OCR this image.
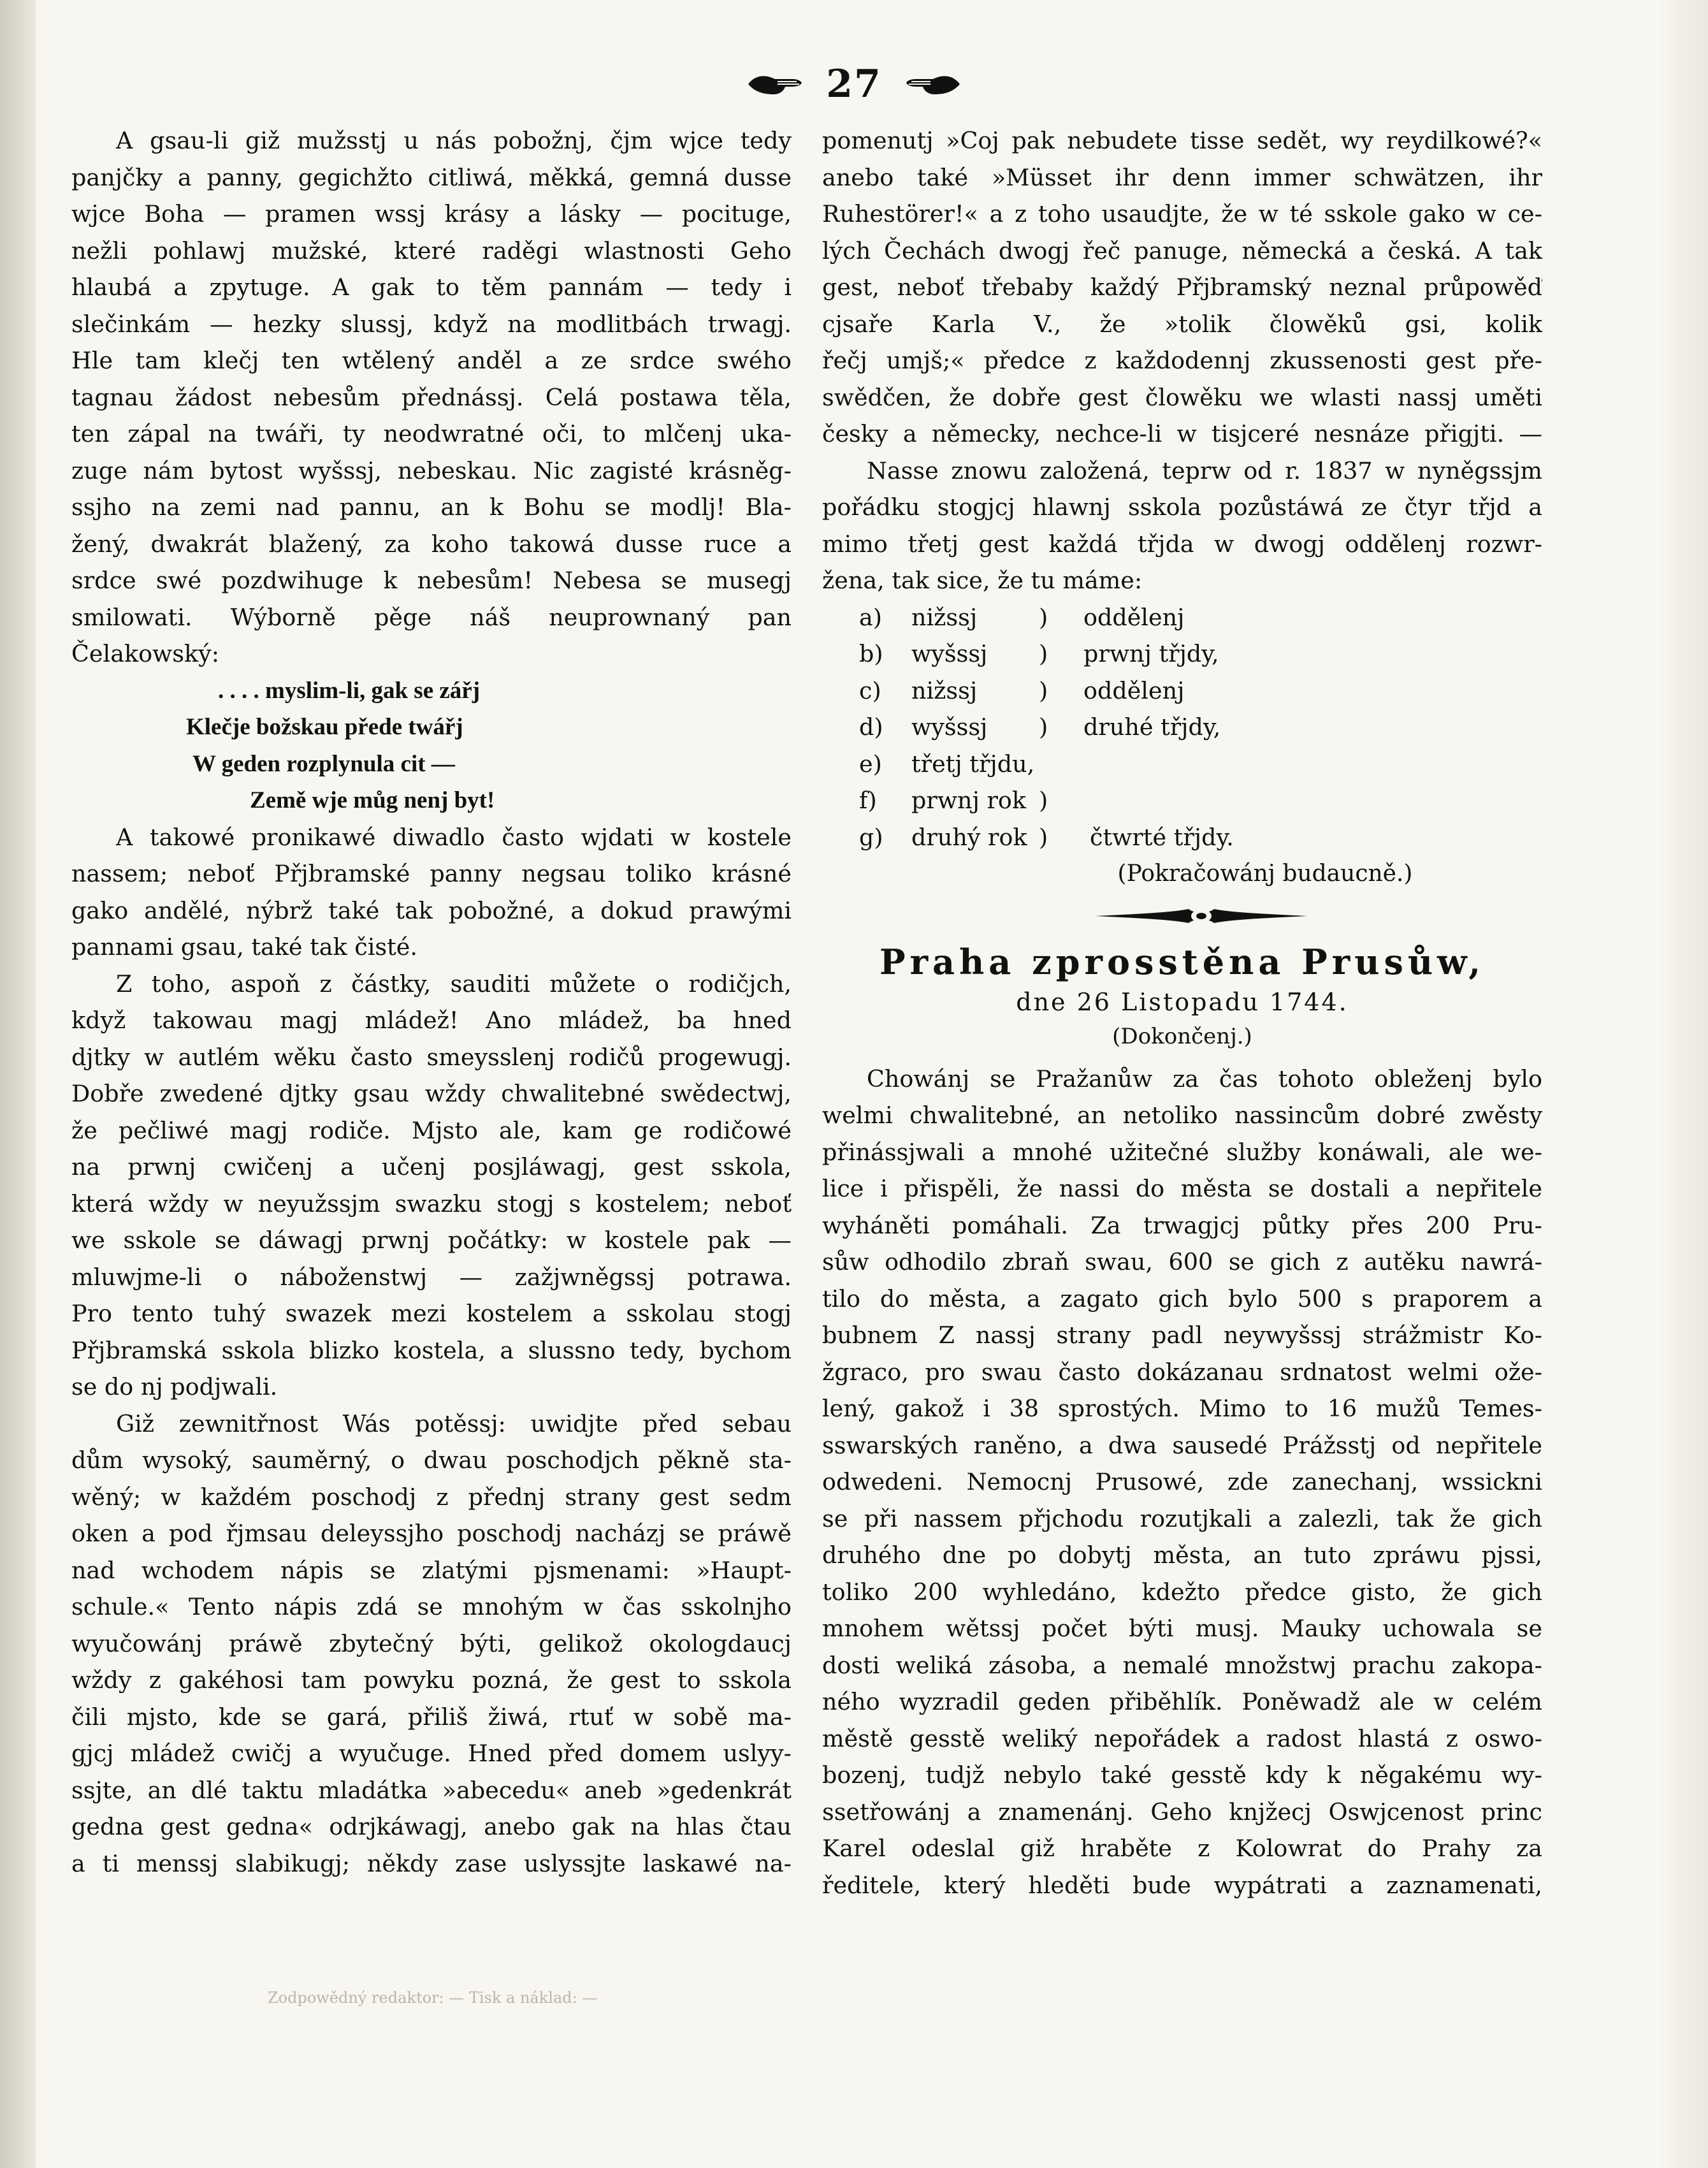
27
A gsau-li giž mužsstj u nás pobožnj, čjm wjce tedy
panjčky a panny, gegichžto citliwá, měkká, gemná dusse
wjce Boha — pramen wssj krásy a lásky — pocituge,
nežli pohlawj mužské, které raděgi wlastnosti Geho
hlaubá a zpytuge. A gak to těm pannám — tedy i
slečinkám — hezky slussj, když na modlitbách trwagj.
Hle tam klečj ten wtělený anděl a ze srdce swého
tagnau žádost nebesům přednássj. Celá postawa těla,
ten zápal na twáři, ty neodwratné oči, to mlčenj uka-
zuge nám bytost wyšssj, nebeskau. Nic zagisté krásněg-
ssjho na zemi nad pannu, an k Bohu se modlj! Bla-
žený, dwakrát blažený, za koho takowá dusse ruce a
srdce swé pozdwihuge k nebesům! Nebesa se musegj
smilowati. Wýborně pěge náš neuprownaný pan
Čelakowský:
. . . . myslim-li, gak se zářj
Klečje božskau přede twářj
W geden rozplynula cit —
Země wje můg nenj byt!
A takowé pronikawé diwadlo často wjdati w kostele
nassem; neboť Přjbramské panny negsau toliko krásné
gako andělé, nýbrž také tak pobožné, a dokud prawými
pannami gsau, také tak čisté.
Z toho, aspoň z částky, sauditi můžete o rodičjch,
když takowau magj mládež! Ano mládež, ba hned
djtky w autlém wěku často smeysslenj rodičů progewugj.
Dobře zwedené djtky gsau wždy chwalitebné swědectwj,
že pečliwé magj rodiče. Mjsto ale, kam ge rodičowé
na prwnj cwičenj a učenj posjláwagj, gest sskola,
která wždy w neyužssjm swazku stogj s kostelem; neboť
we sskole se dáwagj prwnj počátky: w kostele pak —
mluwjme-li o náboženstwj — zažjwněgssj potrawa.
Pro tento tuhý swazek mezi kostelem a sskolau stogj
Přjbramská sskola blizko kostela, a slussno tedy, bychom
se do nj podjwali.
Giž zewnitřnost Wás potěssj: uwidjte před sebau
dům wysoký, sauměrný, o dwau poschodjch pěkně sta-
wěný; w každém poschodj z přednj strany gest sedm
oken a pod řjmsau deleyssjho poschodj nacházj se práwě
nad wchodem nápis se zlatými pjsmenami: »Haupt-
schule.« Tento nápis zdá se mnohým w čas sskolnjho
wyučowánj práwě zbytečný býti, gelikož okologdaucj
wždy z gakéhosi tam powyku pozná, že gest to sskola
čili mjsto, kde se gará, přiliš žiwá, rtuť w sobě ma-
gjcj mládež cwičj a wyučuge. Hned před domem uslyy-
ssjte, an dlé taktu mladátka »abecedu« aneb »gedenkrát
gedna gest gedna« odrjkáwagj, anebo gak na hlas čtau
a ti menssj slabikugj; někdy zase uslyssjte laskawé na-
pomenutj »Coj pak nebudete tisse sedět, wy reydilkowé?«
anebo také »Müsset ihr denn immer schwätzen, ihr
Ruhestörer!« a z toho usaudjte, že w té sskole gako w ce-
lých Čechách dwogj řeč panuge, německá a česká. A tak
gest, neboť třebaby každý Přjbramský neznal průpowěď
cjsaře Karla V., že »tolik člowěků gsi, kolik
řečj umjš;« předce z každodennj zkussenosti gest pře-
swědčen, že dobře gest člowěku we wlasti nassj uměti
česky a německy, nechce-li w tisjceré nesnáze přigjti. —
Nasse znowu založená, teprw od r. 1837 w nyněgssjm
pořádku stogjcj hlawnj sskola pozůstáwá ze čtyr třjd a
mimo třetj gest každá třjda w dwogj oddělenj rozwr-
žena, tak sice, že tu máme:
a) nižssj	) oddělenj
b) wyšssj ) prwnj třjdy,
c) nižssj	) oddělenj
d) wyšssj ) druhé třjdy,
e) třetj třjdu,
f) prwnj rok )
g) druhý rok ) čtwrté třjdy.
(Pokračowánj budaucně.)
Praha zprosstěna Prusůw,
dne 26 Listopadu 1744.
(Dokončenj.)
Chowánj se Pražanůw za čas tohoto obleženj bylo
welmi chwalitebné, an netoliko nassincům dobré zwěsty
přinássjwali a mnohé užitečné služby konáwali, ale we-
lice i přispěli, že nassi do města se dostali a nepřitele
wyháněti pomáhali. Za trwagjcj půtky přes 200 Pru-
sůw odhodilo zbraň swau, 600 se gich z autěku nawrá-
tilo do města, a zagato gich bylo 500 s praporem a
bubnem Z nassj strany padl neywyšssj strážmistr Ko-
žgraco, pro swau často dokázanau srdnatost welmi ože-
lený, gakož i 38 sprostých. Mimo to 16 mužů Temes-
sswarských raněno, a dwa sausedé Prážsstj od nepřitele
odwedeni. Nemocnj Prusowé, zde zanechanj, wssickni
se při nassem přjchodu rozutjkali a zalezli, tak že gich
druhého dne po dobytj města, an tuto zpráwu pjssi,
toliko 200 wyhledáno, kdežto předce gisto, že gich
mnohem wětssj počet býti musj. Mauky uchowala se
dosti weliká zásoba, a nemalé množstwj prachu zakopa-
ného wyzradil geden přiběhlík. Poněwadž ale w celém
městě gesstě weliký nepořádek a radost hlastá z oswo-
bozenj, tudjž nebylo také gesstě kdy k něgakému wy-
ssetřowánj a znamenánj. Geho knjžecj Oswjcenost princ
Karel odeslal giž hraběte z Kolowrat do Prahy za
ředitele, který hleděti bude wypátrati a zaznamenati,
Zodpowědný redaktor: — Tisk a náklad: —
